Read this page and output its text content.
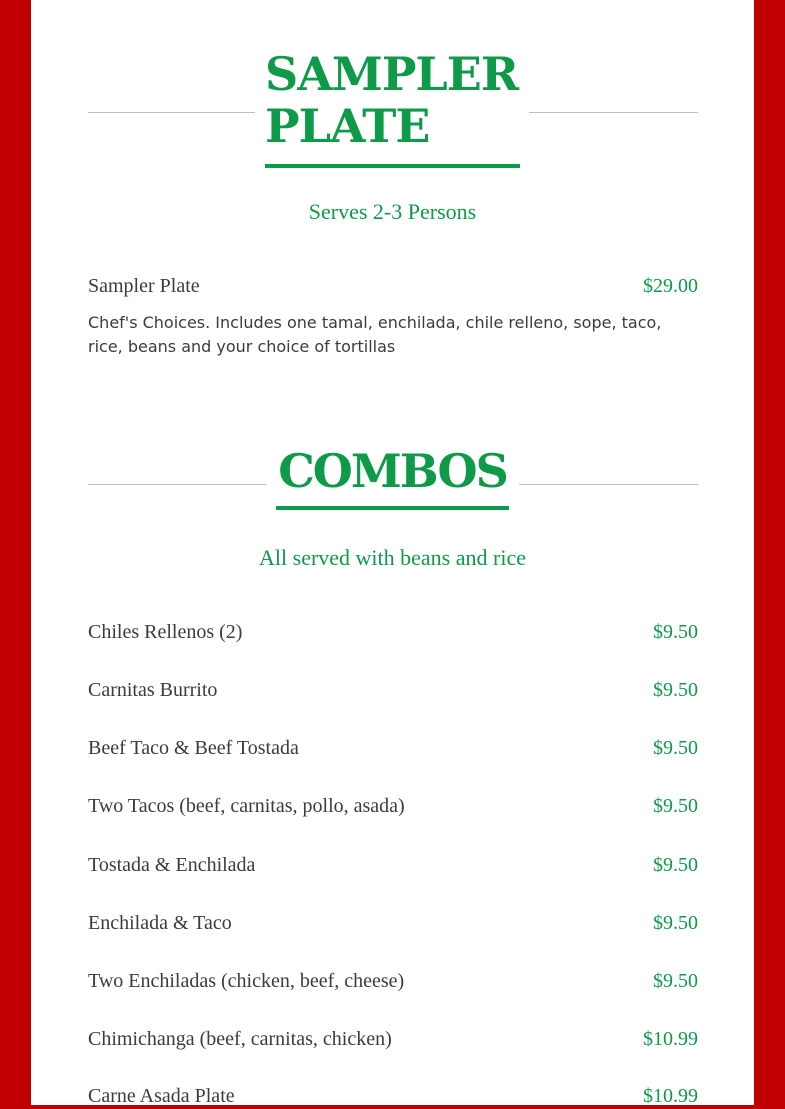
SAMPLER
PLATE

Serves 2-3 Persons

Sampler Plate	$29.00

Chef's Choices. Includes one tamal, enchilada, chile relleno, sope, taco, rice, beans and your choice of tortillas

COMBOS

All served with beans and rice

Chiles Rellenos (2)	$9.50
Carnitas Burrito	$9.50
Beef Taco & Beef Tostada	$9.50
Two Tacos (beef, carnitas, pollo, asada)	$9.50
Tostada & Enchilada	$9.50
Enchilada & Taco	$9.50
Two Enchiladas (chicken, beef, cheese)	$9.50
Chimichanga (beef, carnitas, chicken)	$10.99
Carne Asada Plate	$10.99
